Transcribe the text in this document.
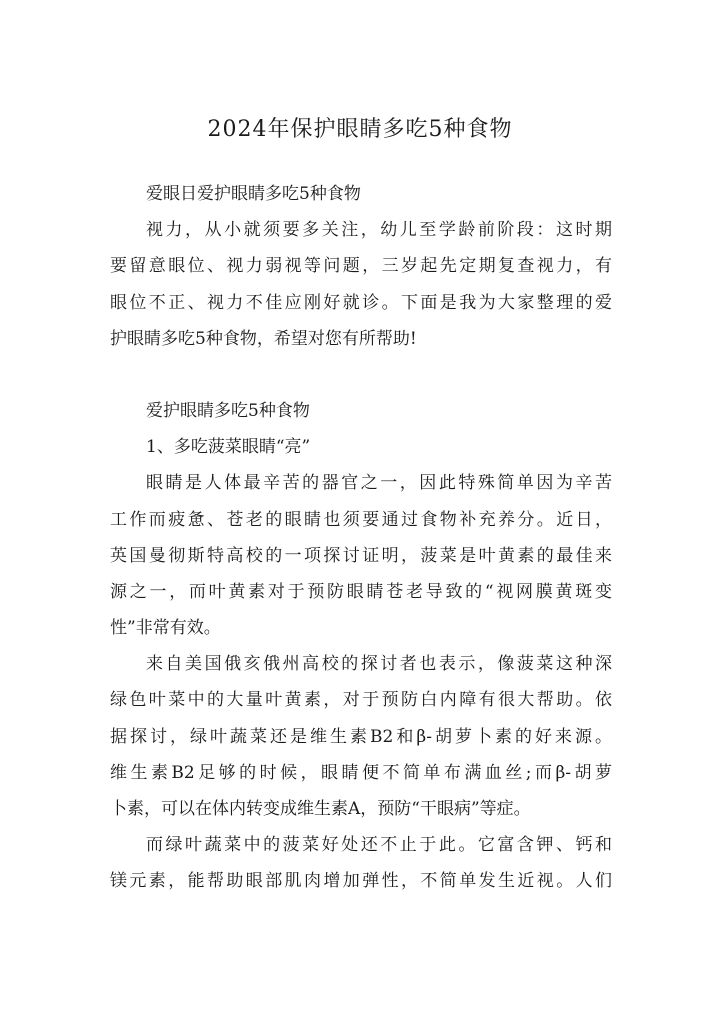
2024年保护眼睛多吃5种食物
爱眼日爱护眼睛多吃5种食物
视力，从小就须要多关注，幼儿至学龄前阶段：这时期
要留意眼位、视力弱视等问题，三岁起先定期复查视力，有
眼位不正、视力不佳应刚好就诊。下面是我为大家整理的爱
护眼睛多吃5种食物，希望对您有所帮助!
爱护眼睛多吃5种食物
1、多吃菠菜眼睛“亮”
眼睛是人体最辛苦的器官之一，因此特殊简单因为辛苦
工作而疲惫、苍老的眼睛也须要通过食物补充养分。近日，
英国曼彻斯特高校的一项探讨证明，菠菜是叶黄素的最佳来
源之一，而叶黄素对于预防眼睛苍老导致的“视网膜黄斑变
性”非常有效。
来自美国俄亥俄州高校的探讨者也表示，像菠菜这种深
绿色叶菜中的大量叶黄素，对于预防白内障有很大帮助。依
据探讨，绿叶蔬菜还是维生素B2和β-胡萝卜素的好来源。
维生素B2足够的时候，眼睛便不简单布满血丝;而β-胡萝
卜素，可以在体内转变成维生素A，预防“干眼病”等症。
而绿叶蔬菜中的菠菜好处还不止于此。它富含钾、钙和
镁元素，能帮助眼部肌肉增加弹性，不简单发生近视。人们
